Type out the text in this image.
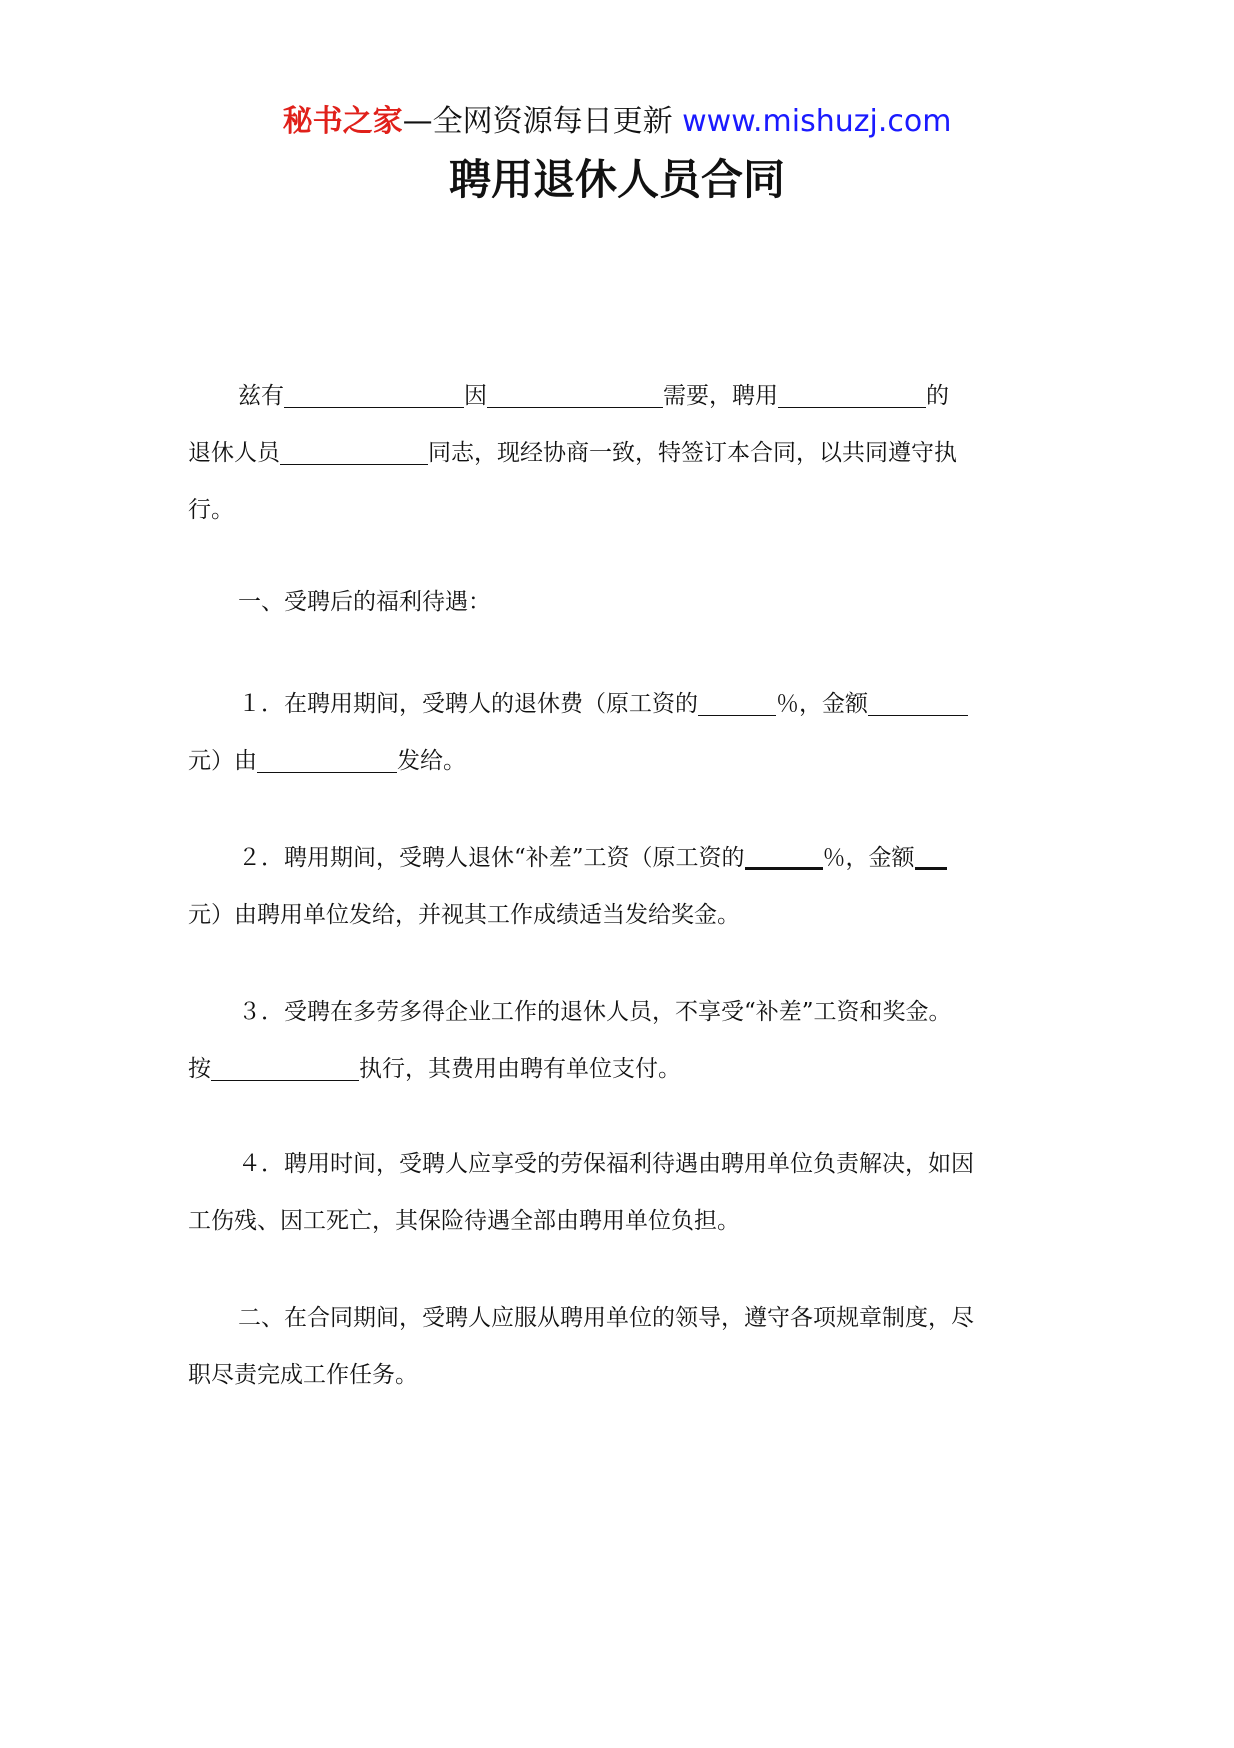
秘书之家—全网资源每日更新 www.mishuzj.com
聘用退休人员合同
兹有	因	需要，聘用	的
退休人员	同志，现经协商一致，特签订本合同，以共同遵守执
行。
一、受聘后的福利待遇：
１．在聘用期间，受聘人的退休费（原工资的	％，金额
元）由	发给。
２．聘用期间，受聘人退休“补差”工资（原工资的	％，金额
元）由聘用单位发给，并视其工作成绩适当发给奖金。
３．受聘在多劳多得企业工作的退休人员，不享受“补差”工资和奖金。
按	执行，其费用由聘有单位支付。
４．聘用时间，受聘人应享受的劳保福利待遇由聘用单位负责解决，如因
工伤残、因工死亡，其保险待遇全部由聘用单位负担。
二、在合同期间，受聘人应服从聘用单位的领导，遵守各项规章制度，尽
职尽责完成工作任务。
